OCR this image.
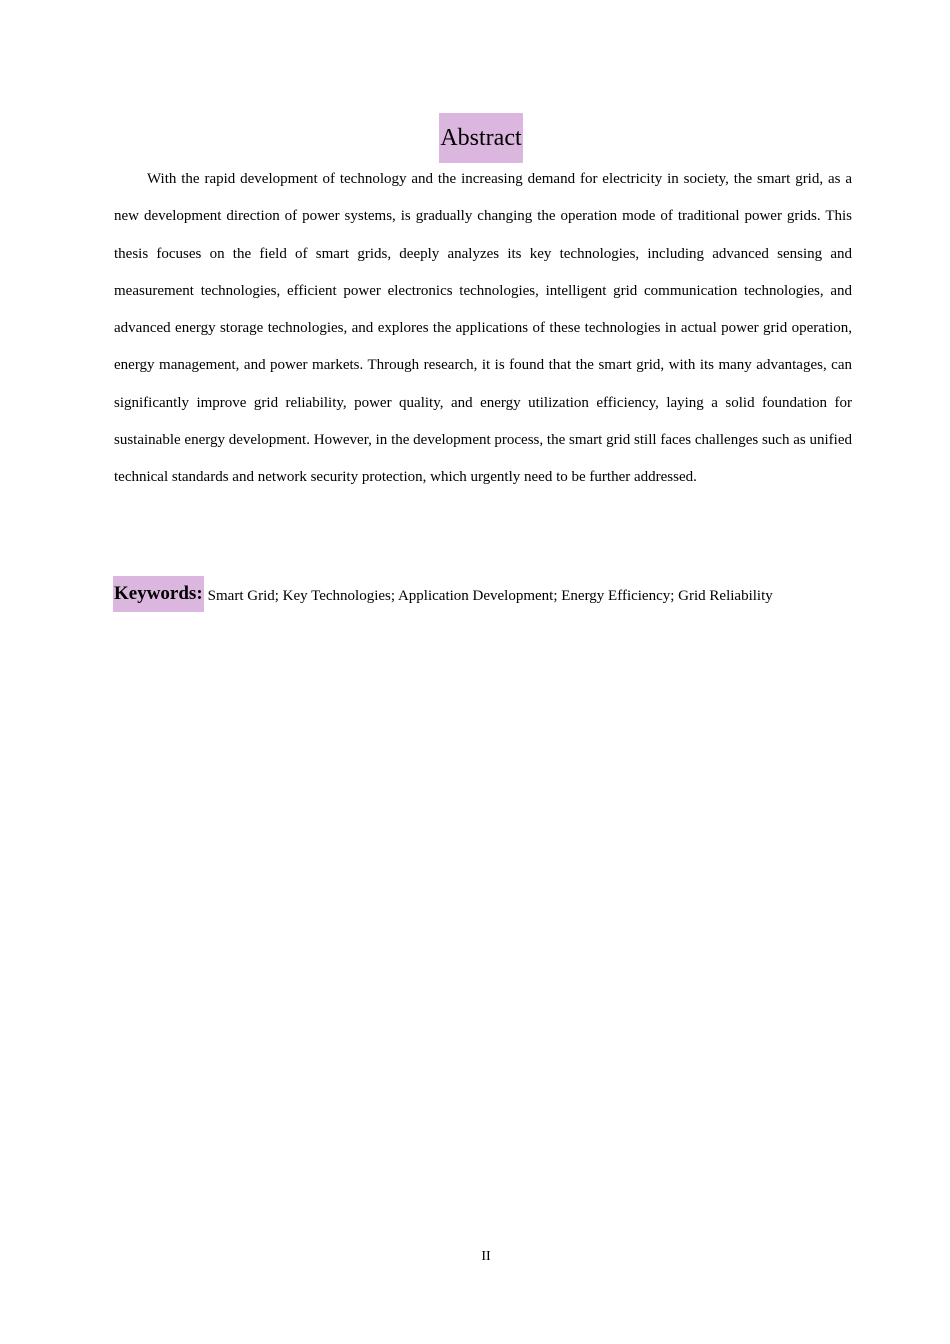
Abstract

With the rapid development of technology and the increasing demand for electricity in society, the smart grid, as a new development direction of power systems, is gradually changing the operation mode of traditional power grids. This thesis focuses on the field of smart grids, deeply analyzes its key technologies, including advanced sensing and measurement technologies, efficient power electronics technologies, intelligent grid communication technologies, and advanced energy storage technologies, and explores the applications of these technologies in actual power grid operation, energy management, and power markets. Through research, it is found that the smart grid, with its many advantages, can significantly improve grid reliability, power quality, and energy utilization efficiency, laying a solid foundation for sustainable energy development. However, in the development process, the smart grid still faces challenges such as unified technical standards and network security protection, which urgently need to be further addressed.

Keywords: Smart Grid; Key Technologies; Application Development; Energy Efficiency; Grid Reliability
II
